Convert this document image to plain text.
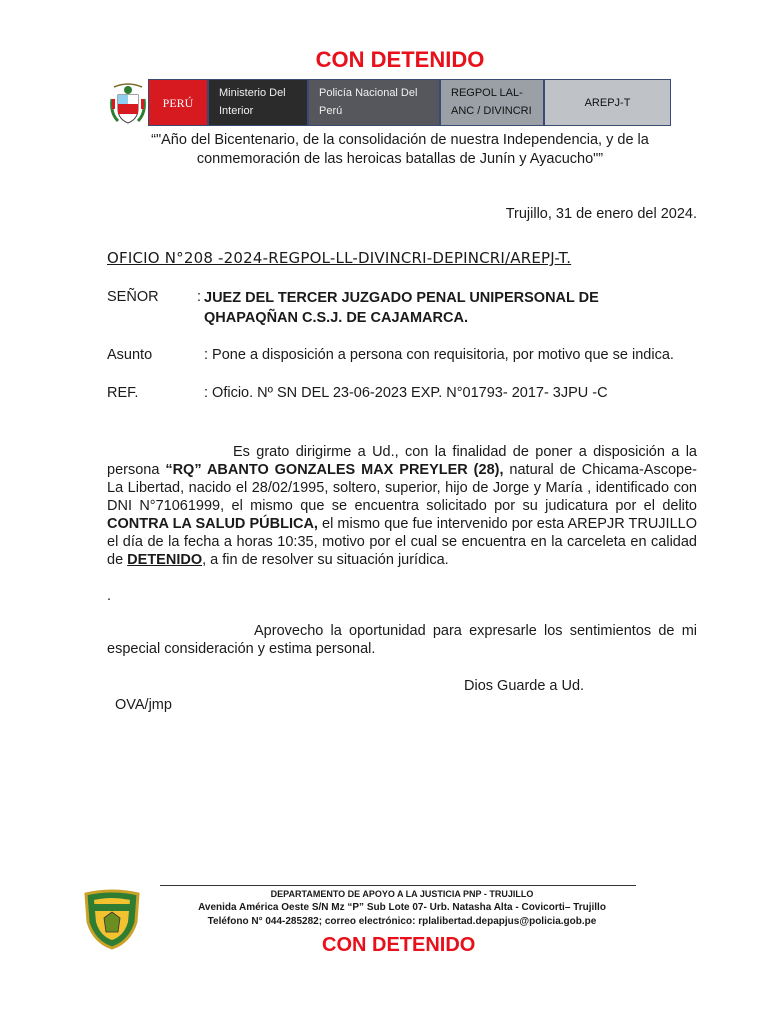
CON DETENIDO
PERÚ
Ministerio Del Interior
Policía Nacional Del Perú
REGPOL LAL-ANC / DIVINCRI
AREPJ-T
“"Año del Bicentenario, de la consolidación de nuestra Independencia, y de la conmemoración de las heroicas batallas de Junín y Ayacucho"”
Trujillo, 31 de enero del 2024.
OFICIO N°208 -2024-REGPOL-LL-DIVINCRI-DEPINCRI/AREPJ-T.
SEÑOR	: JUEZ DEL TERCER JUZGADO PENAL UNIPERSONAL DE QHAPAQÑAN C.S.J. DE CAJAMARCA.
Asunto	: Pone a disposición a persona con requisitoria, por motivo que se indica.
REF.	: Oficio. Nº SN DEL 23-06-2023 EXP. N°01793- 2017- 3JPU -C
Es grato dirigirme a Ud., con la finalidad de poner a disposición a la persona “RQ” ABANTO GONZALES MAX PREYLER (28), natural de Chicama-Ascope- La Libertad, nacido el 28/02/1995, soltero, superior, hijo de Jorge y María , identificado con DNI N°71061999, el mismo que se encuentra solicitado por su judicatura por el delito CONTRA LA SALUD PÚBLICA, el mismo que fue intervenido por esta AREPJR TRUJILLO el día de la fecha a horas 10:35, motivo por el cual se encuentra en la carceleta en calidad de DETENIDO, a fin de resolver su situación jurídica.
.
Aprovecho la oportunidad para expresarle los sentimientos de mi especial consideración y estima personal.
Dios Guarde a Ud.
OVA/jmp
DEPARTAMENTO DE APOYO A LA JUSTICIA PNP - TRUJILLO
Avenida América Oeste S/N Mz “P” Sub Lote 07- Urb. Natasha Alta - Covicorti– Trujillo
Teléfono N° 044-285282; correo electrónico: rplalibertad.depapjus@policia.gob.pe
CON DETENIDO
